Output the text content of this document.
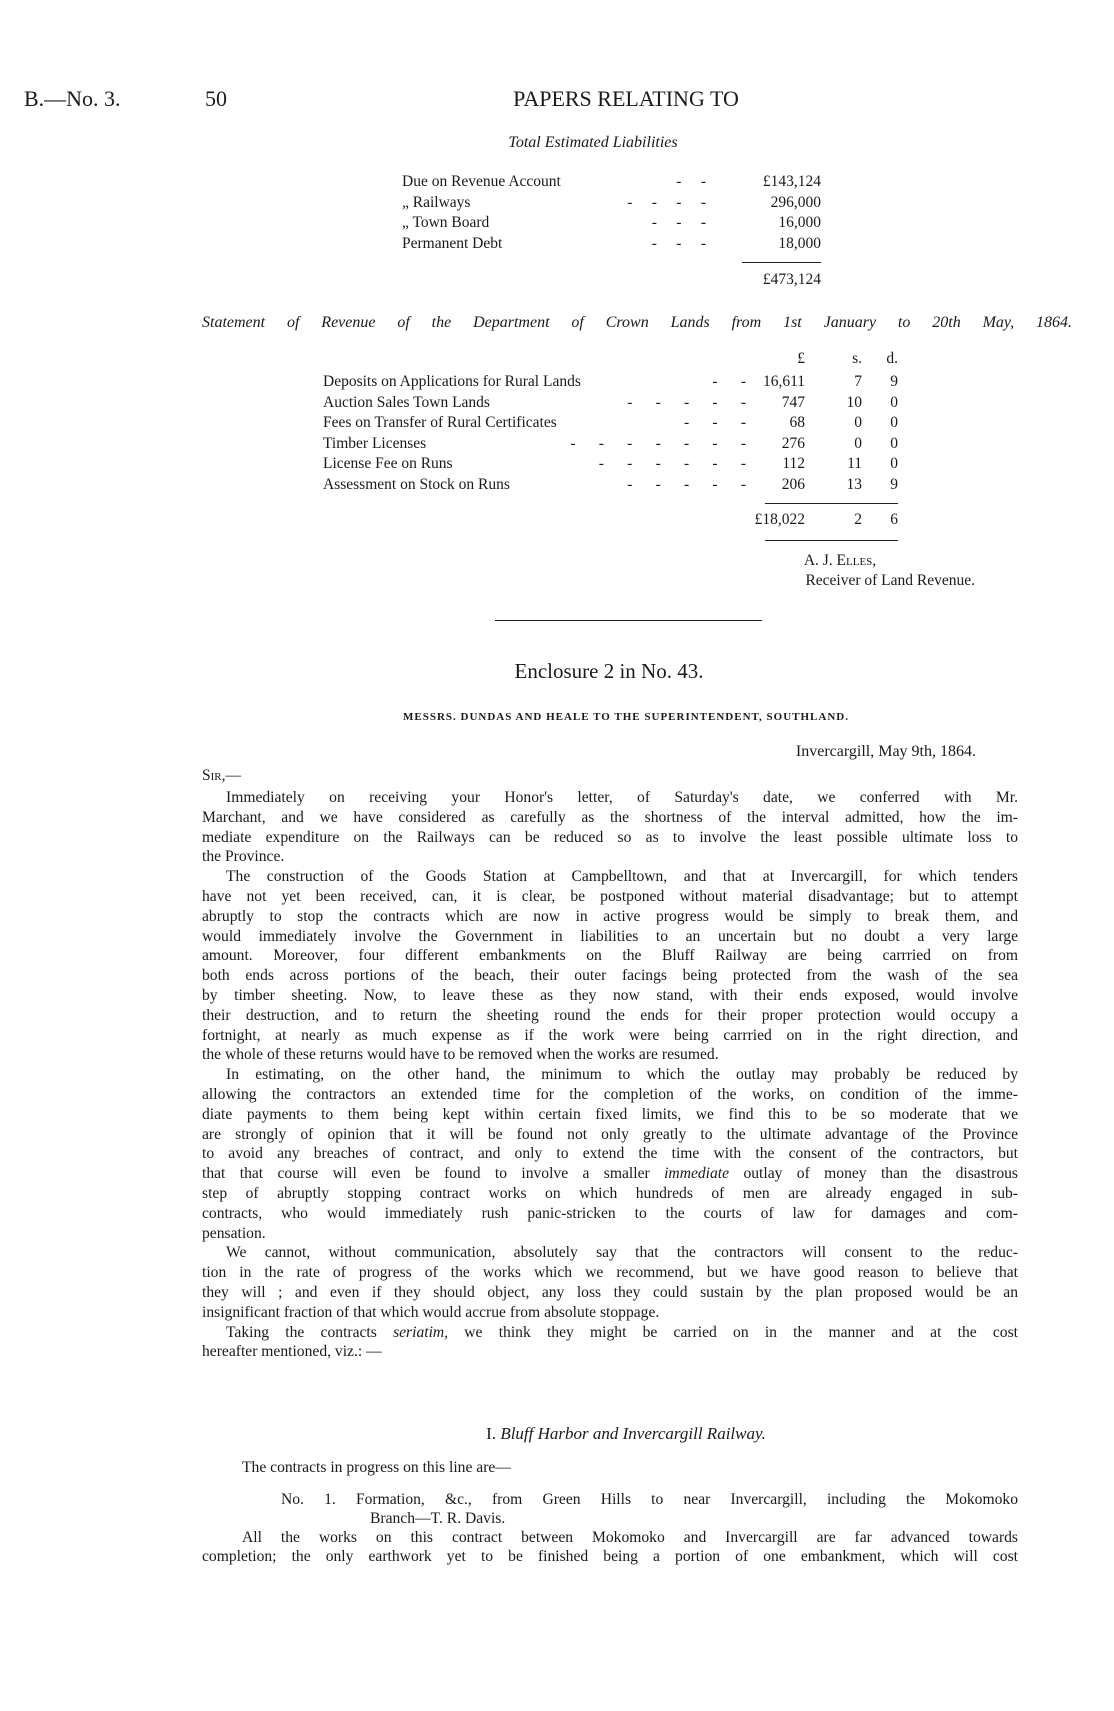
B.—No. 3.	50	PAPERS RELATING TO
Total Estimated Liabilities
Due on Revenue Account	-     -	£143,124
„ Railways	-     -     -     -	296,000
„ Town Board	-     -     -	16,000
Permanent Debt	-     -     -	18,000
£473,124
Statement of Revenue of the Department of Crown Lands from 1st January to 20th May, 1864.
£	s.	d.
Deposits on Applications for Rural Lands	-      -	16,611	7	9
Auction Sales Town Lands	-      -      -      -      -	747	10	0
Fees on Transfer of Rural Certificates	-      -      -	68	0	0
Timber Licenses	-      -      -      -      -      -      -	276	0	0
License Fee on Runs	-      -      -      -      -      -	112	11	0
Assessment on Stock on Runs	-      -      -      -      -	206	13	9
£18,022	2	6
A. J. Elles,
Receiver of Land Revenue.
Enclosure 2 in No. 43.
MESSRS. DUNDAS AND HEALE TO THE SUPERINTENDENT, SOUTHLAND.
Invercargill, May 9th, 1864.
Sir,—
Immediately on receiving your Honor's letter, of Saturday's date, we conferred with Mr.
Marchant, and we have considered as carefully as the shortness of the interval admitted, how the im-
mediate expenditure on the Railways can be reduced so as to involve the least possible ultimate loss to
the Province.
The construction of the Goods Station at Campbelltown, and that at Invercargill, for which tenders
have not yet been received, can, it is clear, be postponed without material disadvantage; but to attempt
abruptly to stop the contracts which are now in active progress would be simply to break them, and
would immediately involve the Government in liabilities to an uncertain but no doubt a very large
amount. Moreover, four different embankments on the Bluff Railway are being carrried on from
both ends across portions of the beach, their outer facings being protected from the wash of the sea
by timber sheeting. Now, to leave these as they now stand, with their ends exposed, would involve
their destruction, and to return the sheeting round the ends for their proper protection would occupy a
fortnight, at nearly as much expense as if the work were being carrried on in the right direction, and
the whole of these returns would have to be removed when the works are resumed.
In estimating, on the other hand, the minimum to which the outlay may probably be reduced by
allowing the contractors an extended time for the completion of the works, on condition of the imme-
diate payments to them being kept within certain fixed limits, we find this to be so moderate that we
are strongly of opinion that it will be found not only greatly to the ultimate advantage of the Province
to avoid any breaches of contract, and only to extend the time with the consent of the contractors, but
that that course will even be found to involve a smaller immediate outlay of money than the disastrous
step of abruptly stopping contract works on which hundreds of men are already engaged in sub-
contracts, who would immediately rush panic-stricken to the courts of law for damages and com-
pensation.
We cannot, without communication, absolutely say that the contractors will consent to the reduc-
tion in the rate of progress of the works which we recommend, but we have good reason to believe that
they will ; and even if they should object, any loss they could sustain by the plan proposed would be an
insignificant fraction of that which would accrue from absolute stoppage.
Taking the contracts seriatim, we think they might be carried on in the manner and at the cost
hereafter mentioned, viz.: —
I. Bluff Harbor and Invercargill Railway.
The contracts in progress on this line are—
No. 1. Formation, &c., from Green Hills to near Invercargill, including the Mokomoko
Branch—T. R. Davis.
All the works on this contract between Mokomoko and Invercargill are far advanced towards
completion; the only earthwork yet to be finished being a portion of one embankment, which will cost
